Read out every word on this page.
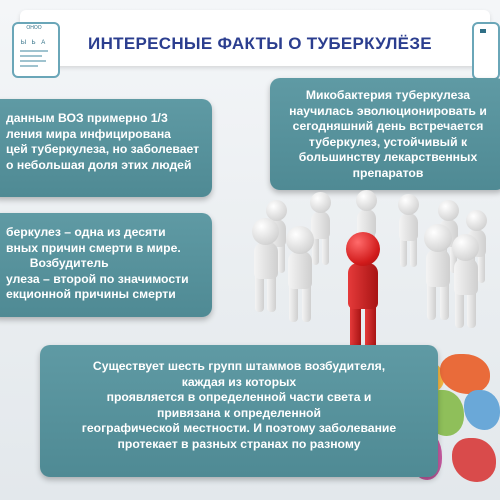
ОНОО
Ы Ь А	ИНТЕРЕСНЫЕ ФАКТЫ О ТУБЕРКУЛЁЗЕ
данным ВОЗ примерно 1/3
ления мира инфицирована
цей туберкулеза, но заболевает
о небольшая доля этих людей
беркулез – одна из десяти
вных причин смерти в мире.
Возбудитель
улеза – второй по значимости
екционной причины смерти
Микобактерия туберкулеза
научилась эволюционировать и
сегодняшний день встречается
туберкулез, устойчивый к
большинству лекарственных
препаратов
Существует шесть групп штаммов возбудителя,
каждая из которых
проявляется в определенной части света и
привязана к определенной
географической местности. И поэтому заболевание
протекает в разных странах по разному
